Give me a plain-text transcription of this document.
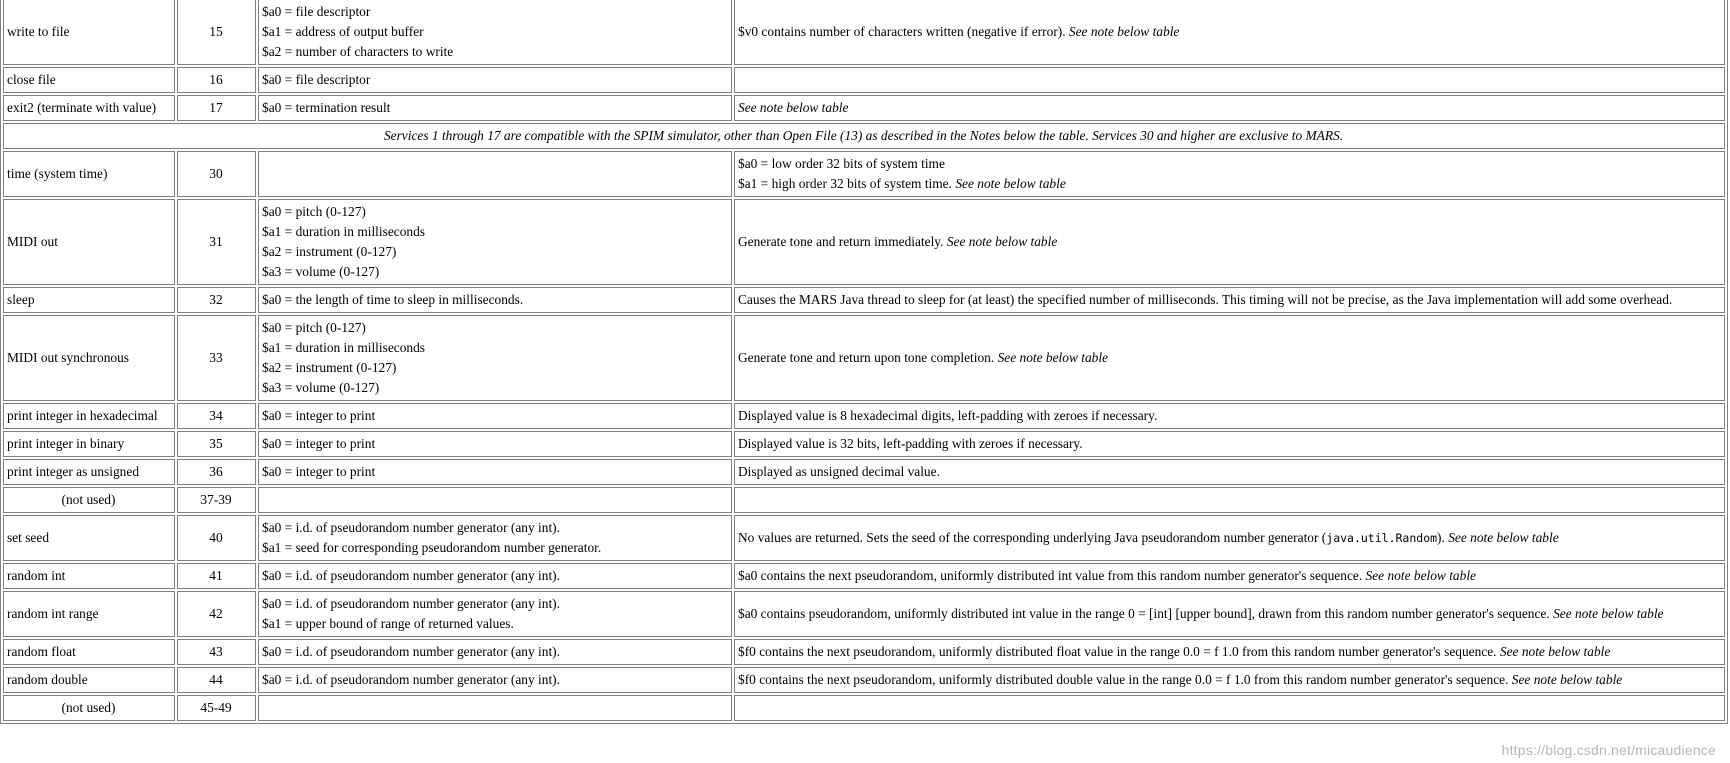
write to file	15	$a0 = file descriptor
$a1 = address of output buffer
$a2 = number of characters to write	$v0 contains number of characters written (negative if error). See note below table
close file	16	$a0 = file descriptor	

exit2 (terminate with value)	17	$a0 = termination result	See note below table
Services 1 through 17 are compatible with the SPIM simulator, other than Open File (13) as described in the Notes below the table. Services 30 and higher are exclusive to MARS.			
time (system time)	30		$a0 = low order 32 bits of system time
$a1 = high order 32 bits of system time. See note below table

MIDI out	31	$a0 = pitch (0-127)
$a1 = duration in milliseconds
$a2 = instrument (0-127)
$a3 = volume (0-127)	Generate tone and return immediately. See note below table
sleep	32	$a0 = the length of time to sleep in milliseconds.	Causes the MARS Java thread to sleep for (at least) the specified number of milliseconds. This timing will not be precise, as the Java implementation will add some overhead.
MIDI out synchronous	33	$a0 = pitch (0-127)
$a1 = duration in milliseconds
$a2 = instrument (0-127)
$a3 = volume (0-127)	Generate tone and return upon tone completion. See note below table
print integer in hexadecimal	34	$a0 = integer to print	Displayed value is 8 hexadecimal digits, left-padding with zeroes if necessary.
print integer in binary	35	$a0 = integer to print	Displayed value is 32 bits, left-padding with zeroes if necessary.
print integer as unsigned	36	$a0 = integer to print	Displayed as unsigned decimal value.
(not used)	37-39		
set seed	40	$a0 = i.d. of pseudorandom number generator (any int).
$a1 = seed for corresponding pseudorandom number generator.	No values are returned. Sets the seed of the corresponding underlying Java pseudorandom number generator (java.util.Random). See note below table
random int	41	$a0 = i.d. of pseudorandom number generator (any int).	$a0 contains the next pseudorandom, uniformly distributed int value from this random number generator's sequence. See note below table
random int range	42	$a0 = i.d. of pseudorandom number generator (any int).
$a1 = upper bound of range of returned values.	$a0 contains pseudorandom, uniformly distributed int value in the range 0 = [int] [upper bound], drawn from this random number generator's sequence. See note below table
random float	43	$a0 = i.d. of pseudorandom number generator (any int).	$f0 contains the next pseudorandom, uniformly distributed float value in the range 0.0 = f 1.0 from this random number generator's sequence. See note below table
random double	44	$a0 = i.d. of pseudorandom number generator (any int).	$f0 contains the next pseudorandom, uniformly distributed double value in the range 0.0 = f 1.0 from this random number generator's sequence. See note below table
(not used)	45-49		
https://blog.csdn.net/micaudience
